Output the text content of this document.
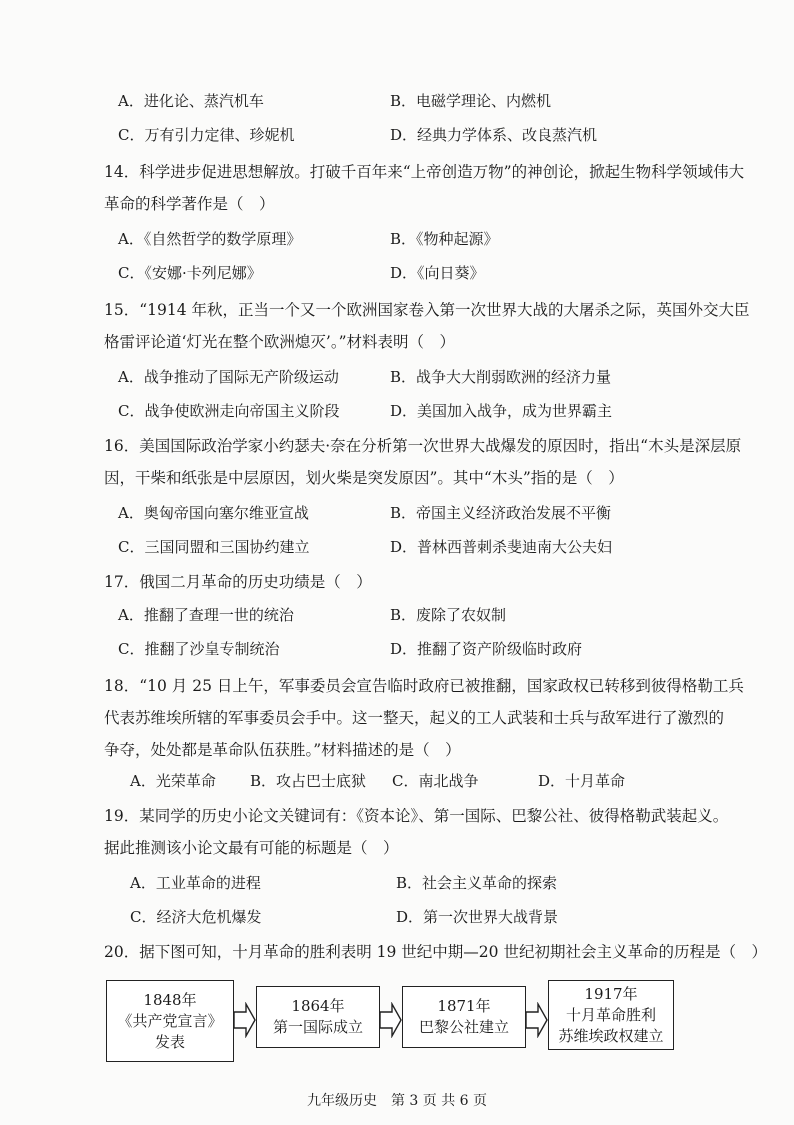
A．进化论、蒸汽机车	B．电磁学理论、内燃机
C．万有引力定律、珍妮机	D．经典力学体系、改良蒸汽机
14．科学进步促进思想解放。打破千百年来“上帝创造万物”的神创论，掀起生物科学领域伟大
革命的科学著作是（　）
A．《自然哲学的数学原理》	B．《物种起源》
C．《安娜·卡列尼娜》	D．《向日葵》
15．“1914 年秋，正当一个又一个欧洲国家卷入第一次世界大战的大屠杀之际，英国外交大臣
格雷评论道‘灯光在整个欧洲熄灭’。”材料表明（　）
A．战争推动了国际无产阶级运动	B．战争大大削弱欧洲的经济力量
C．战争使欧洲走向帝国主义阶段	D．美国加入战争，成为世界霸主
16．美国国际政治学家小约瑟夫·奈在分析第一次世界大战爆发的原因时，指出“木头是深层原
因，干柴和纸张是中层原因，划火柴是突发原因”。其中“木头”指的是（　）
A．奥匈帝国向塞尔维亚宣战	B．帝国主义经济政治发展不平衡
C．三国同盟和三国协约建立	D．普林西普刺杀斐迪南大公夫妇
17．俄国二月革命的历史功绩是（　）
A．推翻了查理一世的统治	B．废除了农奴制
C．推翻了沙皇专制统治	D．推翻了资产阶级临时政府
18．“10 月 25 日上午，军事委员会宣告临时政府已被推翻，国家政权已转移到彼得格勒工兵
代表苏维埃所辖的军事委员会手中。这一整天，起义的工人武装和士兵与敌军进行了激烈的
争夺，处处都是革命队伍获胜。”材料描述的是（　）
A．光荣革命 B．攻占巴士底狱 C．南北战争	D．十月革命
19．某同学的历史小论文关键词有：《资本论》、第一国际、巴黎公社、彼得格勒武装起义。
据此推测该小论文最有可能的标题是（　）
A．工业革命的进程	B．社会主义革命的探索
C．经济大危机爆发	D．第一次世界大战背景
20．据下图可知，十月革命的胜利表明 19 世纪中期—20 世纪初期社会主义革命的历程是（　）
1848年
《共产党宣言》
发表
1864年
第一国际成立
1871年
巴黎公社建立
1917年
十月革命胜利
苏维埃政权建立
九年级历史　第 3 页 共 6 页
